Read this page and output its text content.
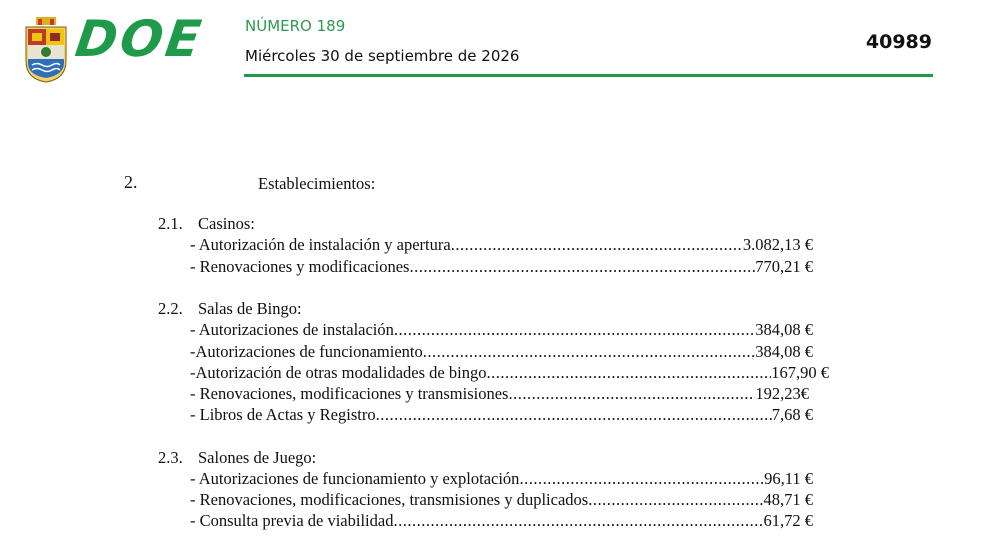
DOE	NÚMERO 189
Miércoles 30 de septiembre de 2026
40989
2.	Establecimientos:
2.1. Casinos:
- Autorización de instalación y apertura .....	3.082,13 €
- Renovaciones y modificaciones .....	770,21 €
2.2. Salas de Bingo:
- Autorizaciones de instalación .....	384,08 €
-Autorizaciones de funcionamiento .....	384,08 €
-Autorización de otras modalidades de bingo .....	167,90 €
- Renovaciones, modificaciones y transmisiones .....	192,23€
- Libros de Actas y Registro .....	7,68 €
2.3. Salones de Juego:
- Autorizaciones de funcionamiento y explotación .....	96,11 €
- Renovaciones, modificaciones, transmisiones y duplicados .....	48,71 €
- Consulta previa de viabilidad .....	61,72 €
